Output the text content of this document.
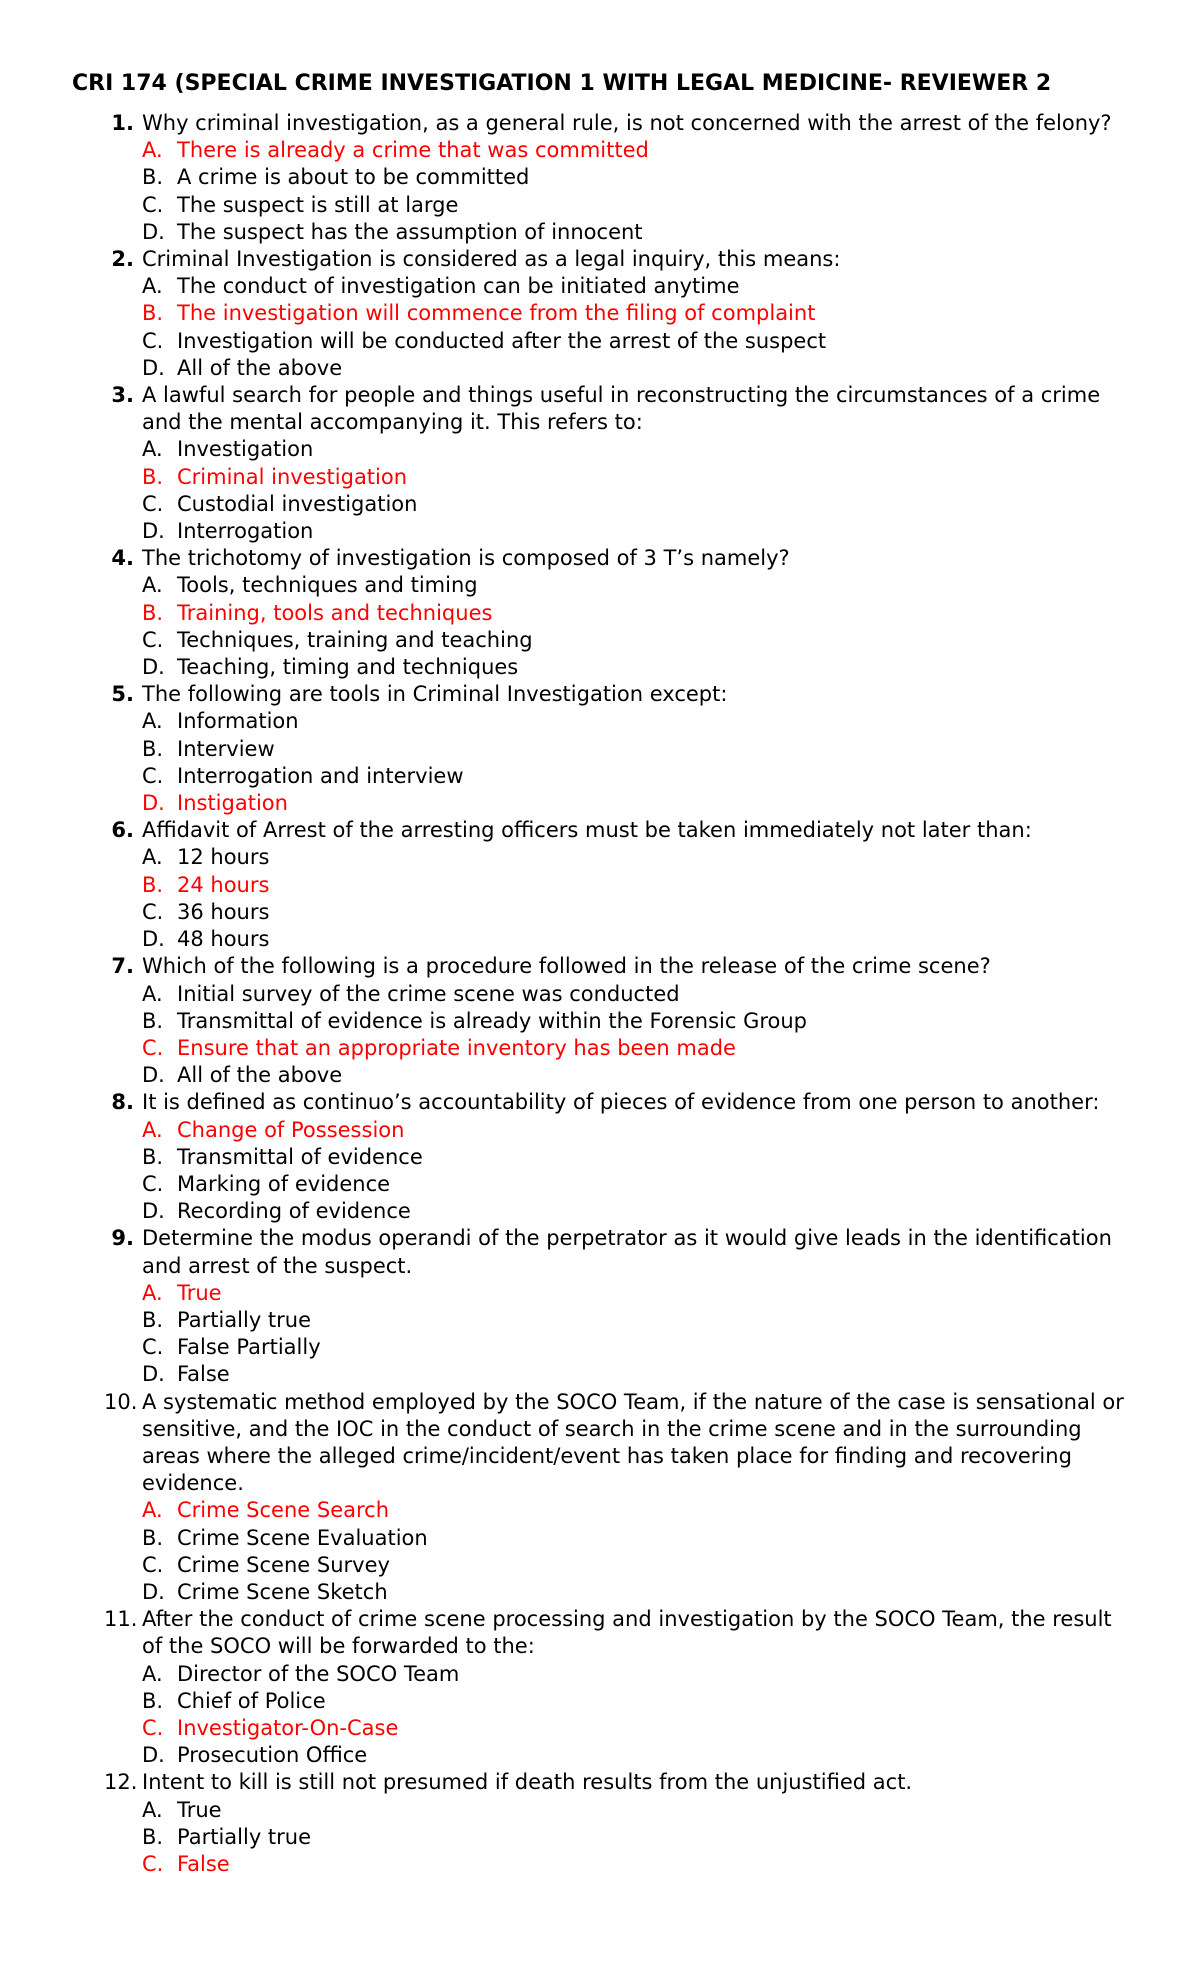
CRI 174 (SPECIAL CRIME INVESTIGATION 1 WITH LEGAL MEDICINE- REVIEWER 2
1. Why criminal investigation, as a general rule, is not concerned with the arrest of the felony?
A. There is already a crime that was committed
B. A crime is about to be committed
C. The suspect is still at large
D. The suspect has the assumption of innocent
2. Criminal Investigation is considered as a legal inquiry, this means:
A. The conduct of investigation can be initiated anytime
B. The investigation will commence from the filing of complaint
C. Investigation will be conducted after the arrest of the suspect
D. All of the above
3. A lawful search for people and things useful in reconstructing the circumstances of a crime and the mental accompanying it. This refers to:
A. Investigation
B. Criminal investigation
C. Custodial investigation
D. Interrogation
4. The trichotomy of investigation is composed of 3 T’s namely?
A. Tools, techniques and timing
B. Training, tools and techniques
C. Techniques, training and teaching
D. Teaching, timing and techniques
5. The following are tools in Criminal Investigation except:
A. Information
B. Interview
C. Interrogation and interview
D. Instigation
6. Affidavit of Arrest of the arresting officers must be taken immediately not later than:
A. 12 hours
B. 24 hours
C. 36 hours
D. 48 hours
7. Which of the following is a procedure followed in the release of the crime scene?
A. Initial survey of the crime scene was conducted
B. Transmittal of evidence is already within the Forensic Group
C. Ensure that an appropriate inventory has been made
D. All of the above
8. It is defined as continuo’s accountability of pieces of evidence from one person to another:
A. Change of Possession
B. Transmittal of evidence
C. Marking of evidence
D. Recording of evidence
9. Determine the modus operandi of the perpetrator as it would give leads in the identification and arrest of the suspect.
A. True
B. Partially true
C. False Partially
D. False
10. A systematic method employed by the SOCO Team, if the nature of the case is sensational or sensitive, and the IOC in the conduct of search in the crime scene and in the surrounding areas where the alleged crime/incident/event has taken place for finding and recovering evidence.
A. Crime Scene Search
B. Crime Scene Evaluation
C. Crime Scene Survey
D. Crime Scene Sketch
11. After the conduct of crime scene processing and investigation by the SOCO Team, the result of the SOCO will be forwarded to the:
A. Director of the SOCO Team
B. Chief of Police
C. Investigator-On-Case
D. Prosecution Office
12. Intent to kill is still not presumed if death results from the unjustified act.
A. True
B. Partially true
C. False
